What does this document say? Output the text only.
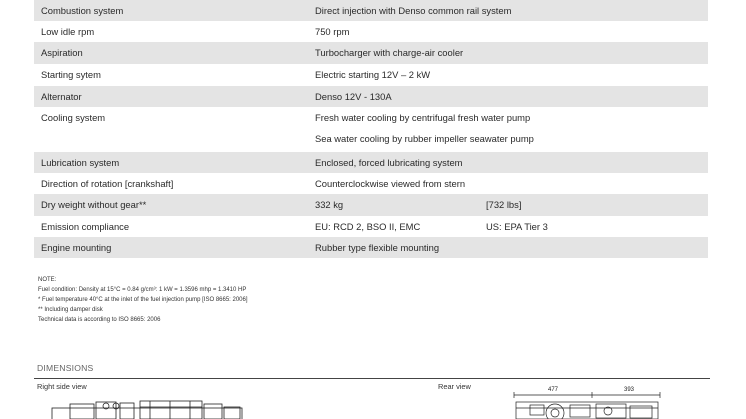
Combustion system	Direct injection with Denso common rail system
Low idle rpm	750 rpm
Aspiration	Turbocharger with charge-air cooler
Starting sytem	Electric starting 12V – 2 kW
Alternator	Denso 12V - 130A
Cooling system	Fresh water cooling by centrifugal fresh water pump
Sea water cooling by rubber impeller seawater pump
Lubrication system	Enclosed, forced lubricating system
Direction of rotation [crankshaft]	Counterclockwise viewed from stern
Dry weight without gear**	332 kg	[732 lbs]
Emission compliance	EU: RCD 2, BSO II, EMC	US: EPA Tier 3
Engine mounting	Rubber type flexible mounting
NOTE:
Fuel condition: Density at 15°C = 0.84 g/cm³: 1 kW = 1.3596 mhp = 1.3410 HP
* Fuel temperature 40°C at the inlet of the fuel injection pump [ISO 8665: 2006]
** Including damper disk
Technical data is according to ISO 8665: 2006
DIMENSIONS
Right side view	Rear view	477	393
